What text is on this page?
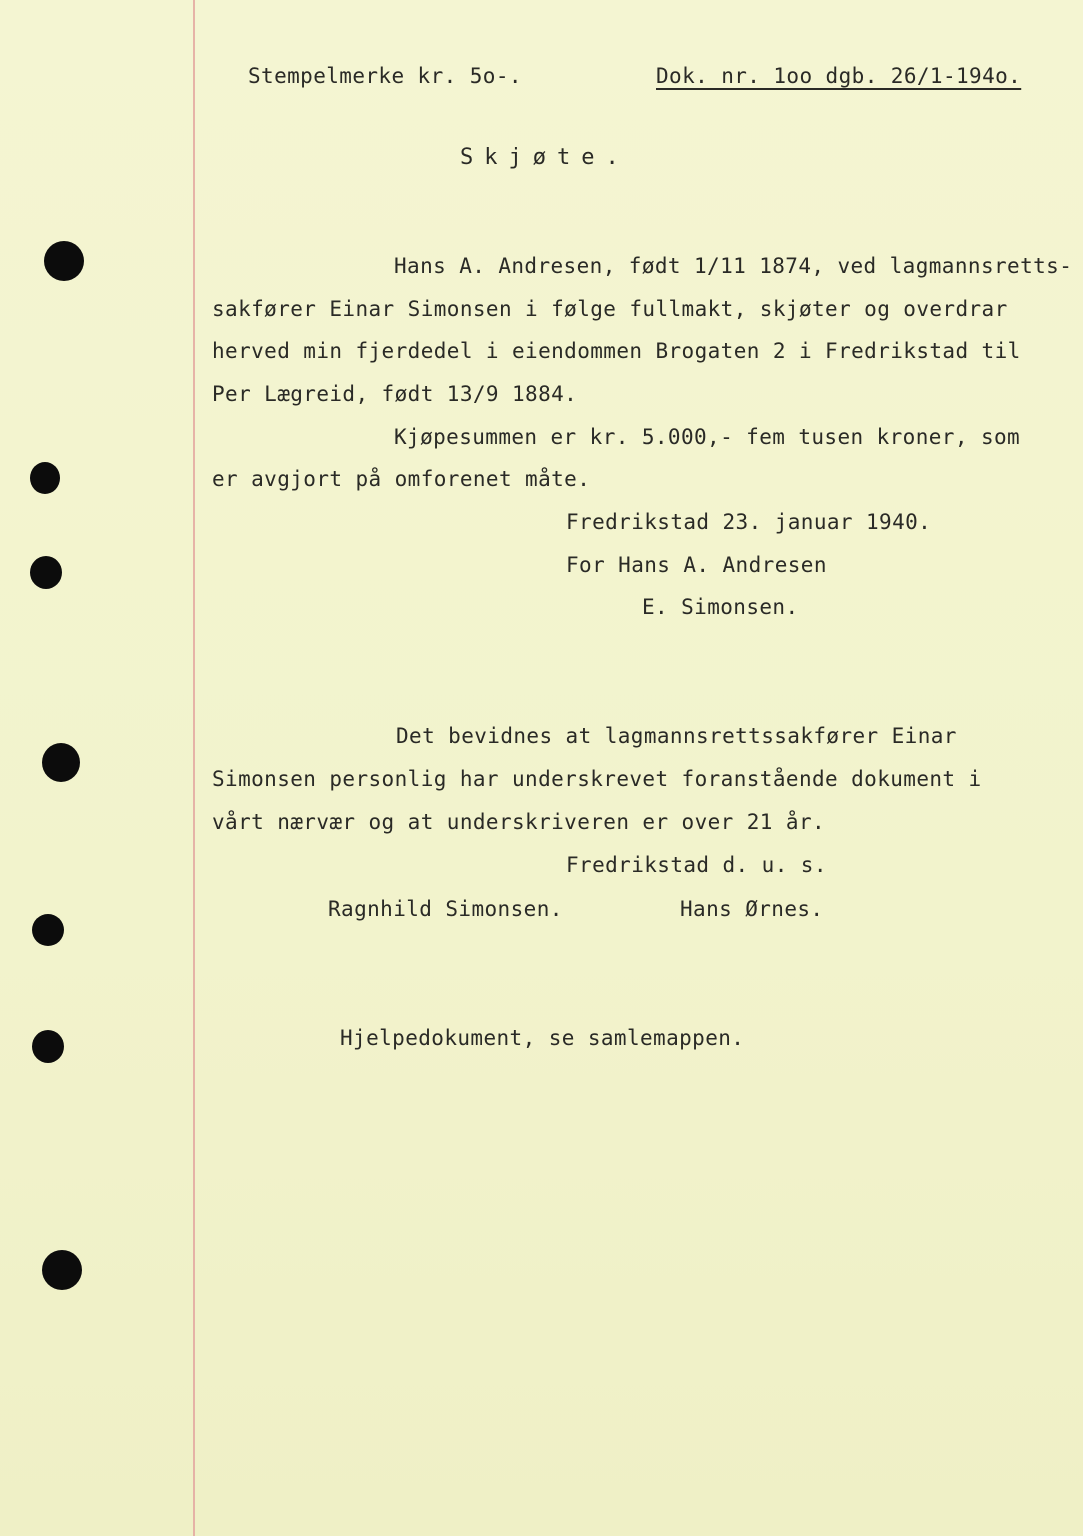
Stempelmerke kr. 5o-.	Dok. nr. 1oo dgb. 26/1-194o.
Skjøte.
Hans A. Andresen, født 1/11 1874, ved lagmannsretts-
sakfører Einar Simonsen i følge fullmakt, skjøter og overdrar
herved min fjerdedel i eiendommen Brogaten 2 i Fredrikstad til
Per Lægreid, født 13/9 1884.
Kjøpesummen er kr. 5.000,- fem tusen kroner, som
er avgjort på omforenet måte.
Fredrikstad 23. januar 1940.
For Hans A. Andresen
E. Simonsen.
Det bevidnes at lagmannsrettssakfører Einar
Simonsen personlig har underskrevet foranstående dokument i
vårt nærvær og at underskriveren er over 21 år.
Fredrikstad d. u. s.
Ragnhild Simonsen.	Hans Ørnes.
Hjelpedokument, se samlemappen.
